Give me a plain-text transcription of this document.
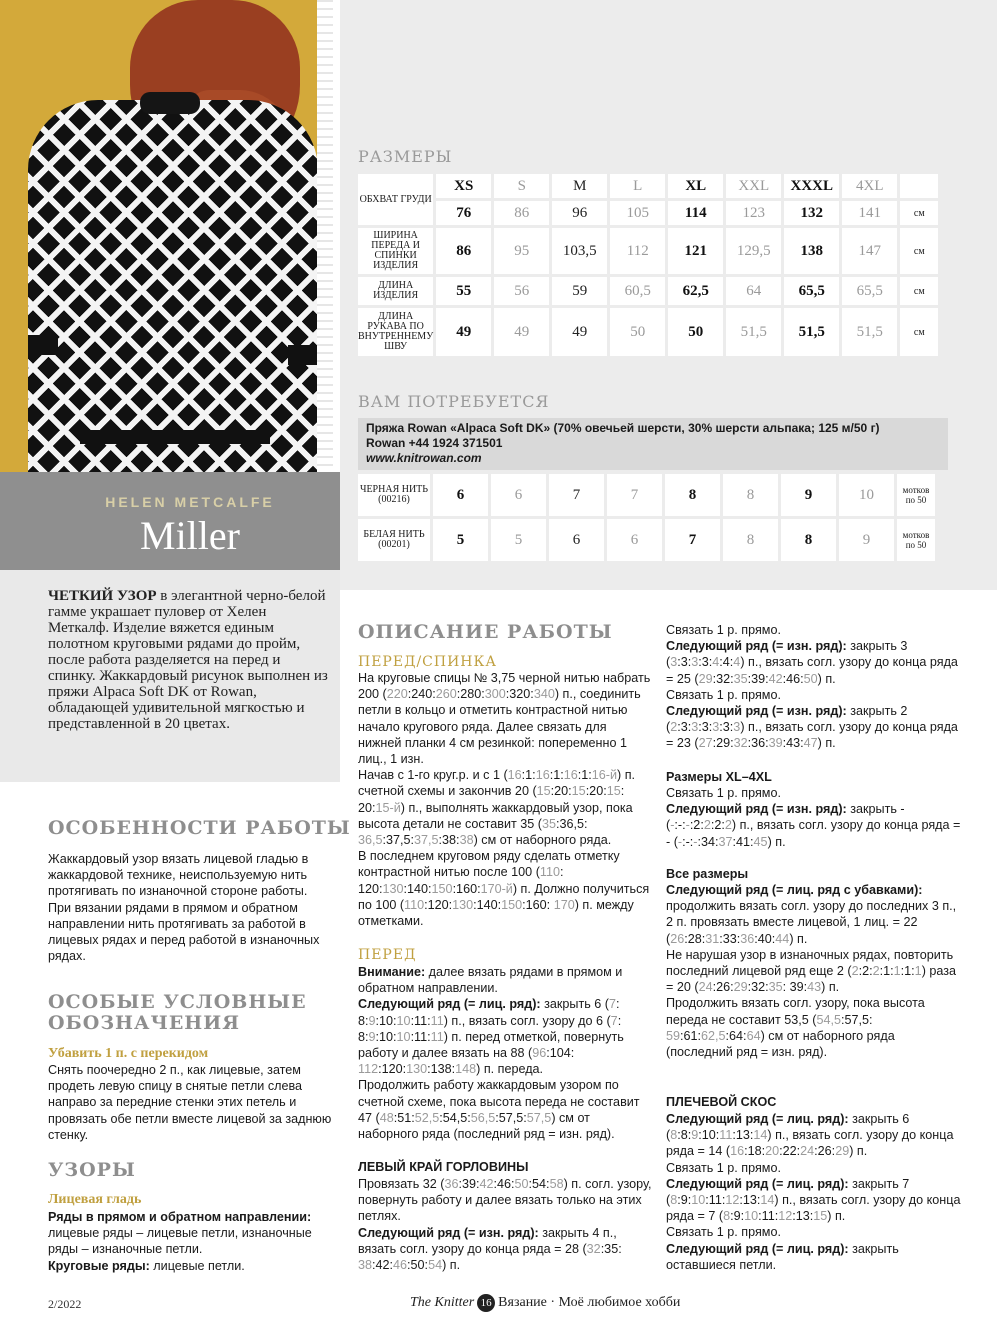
HELEN METCALFE
Miller

ЧЕТКИЙ УЗОР в элегантной черно-белой гамме украшает пуловер от Хелен Меткалф. Изделие вяжется единым полотном круговыми рядами до пройм, после работа разделяется на перед и спинку. Жаккардовый рисунок выполнен из пряжи Alpaca Soft DK от Rowan, обладающей удивительной мягкостью и представленной в 20 цветах.

РАЗМЕРЫ
ОБХВАТ ГРУДИ	XS	S	M	L	XL	XXL	XXXL	4XL	
	76	86	96	105	114	123	132	141	см
ШИРИНА ПЕРЕДА И СПИНКИ ИЗДЕЛИЯ	86	95	103,5	112	121	129,5	138	147	см
ДЛИНА ИЗДЕЛИЯ	55	56	59	60,5	62,5	64	65,5	65,5	см
ДЛИНА РУКАВА ПО ВНУТРЕННЕМУ ШВУ	49	49	49	50	50	51,5	51,5	51,5	см
ВАМ ПОТРЕБУЕТСЯ
Пряжа Rowan «Alpaca Soft DK» (70% овечьей шерсти, 30% шерсти альпака; 125 м/50 г)
Rowan +44 1924 371501
www.knitrowan.com
ЧЕРНАЯ НИТЬ (00216)	6	6	7	7	8	8	9	10	мотков по 50
БЕЛАЯ НИТЬ (00201)	5	5	6	6	7	8	8	9	мотков по 50
ОСОБЕННОСТИ РАБОТЫ

Жаккардовый узор вязать лицевой гладью в жаккардовой технике, неиспользуемую нить протягивать по изнаночной стороне работы.

При вязании рядами в прямом и обратном направлении нить протягивать за работой в лицевых рядах и перед работой в изнаночных рядах.

ОСОБЫЕ УСЛОВНЫЕ ОБОЗНАЧЕНИЯ
Убавить 1 п. с перекидом
Снять поочередно 2 п., как лицевые, затем продеть левую спицу в снятые петли слева направо за передние стенки этих петель и провязать обе петли вместе лицевой за заднюю стенку.
УЗОРЫ
Лицевая гладь

Ряды в прямом и обратном направлении: лицевые ряды – лицевые петли, изнаночные ряды – изнаночные петли.

Круговые ряды: лицевые петли.

ОПИСАНИЕ РАБОТЫ
ПЕРЕД/СПИНКА

На круговые спицы № 3,75 черной нитью набрать 200 (220:240:260:280:300:320:340) п., соединить петли в кольцо и отметить контрастной нитью начало кругового ряда. Далее связать для нижней планки 4 см резинкой: попеременно 1 лиц., 1 изн.

Начав с 1-го круг.р. и с 1 (16:1:16:1:16:1:16-й) п. счетной схемы и закончив 20 (15:20:15:20:15: 20:15-й) п., выполнять жаккардовый узор, пока высота детали не составит 35 (35:36,5: 36,5:37,5:37,5:38:38) см от наборного ряда.

В последнем круговом ряду сделать отметку контрастной нитью после 100 (110: 120:130:140:150:160:170-й) п. Должно получиться по 100 (110:120:130:140:150:160: 170) п. между отметками.

ПЕРЕД

Внимание: далее вязать рядами в прямом и обратном направлении.

Следующий ряд (= лиц. ряд): закрыть 6 (7: 8:9:10:10:11:11) п., вязать согл. узору до 6 (7: 8:9:10:10:11:11) п. перед отметкой, повернуть работу и далее вязать на 88 (96:104: 112:120:130:138:148) п. переда.

Продолжить работу жаккардовым узором по счетной схеме, пока высота переда не составит 47 (48:51:52,5:54,5:56,5:57,5:57,5) см от наборного ряда (последний ряд = изн. ряд).

ЛЕВЫЙ КРАЙ ГОРЛОВИНЫ

Провязать 32 (36:39:42:46:50:54:58) п. согл. узору, повернуть работу и далее вязать только на этих петлях.

Следующий ряд (= изн. ряд): закрыть 4 п., вязать согл. узору до конца ряда = 28 (32:35: 38:42:46:50:54) п.

Связать 1 р. прямо.

Следующий ряд (= изн. ряд): закрыть 3 (3:3:3:3:4:4:4) п., вязать согл. узору до конца ряда = 25 (29:32:35:39:42:46:50) п.

Связать 1 р. прямо.

Следующий ряд (= изн. ряд): закрыть 2 (2:3:3:3:3:3:3) п., вязать согл. узору до конца ряда = 23 (27:29:32:36:39:43:47) п.

Размеры XL–4XL

Связать 1 р. прямо.

Следующий ряд (= изн. ряд): закрыть - (-:-:-:2:2:2:2) п., вязать согл. узору до конца ряда = - (-:-:-:34:37:41:45) п.

Все размеры

Следующий ряд (= лиц. ряд с убавками): продолжить вязать согл. узору до последних 3 п., 2 п. провязать вместе лицевой, 1 лиц. = 22 (26:28:31:33:36:40:44) п.

Не нарушая узор в изнаночных рядах, повторить последний лицевой ряд еще 2 (2:2:2:1:1:1:1) раза = 20 (24:26:29:32:35: 39:43) п.

Продолжить вязать согл. узору, пока высота переда не составит 53,5 (54,5:57,5: 59:61:62,5:64:64) см от наборного ряда (последний ряд = изн. ряд).

ПЛЕЧЕВОЙ СКОС

Следующий ряд (= лиц. ряд): закрыть 6 (8:8:9:10:11:13:14) п., вязать согл. узору до конца ряда = 14 (16:18:20:22:24:26:29) п.

Связать 1 р. прямо.

Следующий ряд (= лиц. ряд): закрыть 7 (8:9:10:11:12:13:14) п., вязать согл. узору до конца ряда = 7 (8:9:10:11:12:13:15) п.

Связать 1 р. прямо.

Следующий ряд (= лиц. ряд): закрыть оставшиеся петли.

2/2022	The Knitter 16 Вязание · Моё любимое хобби
